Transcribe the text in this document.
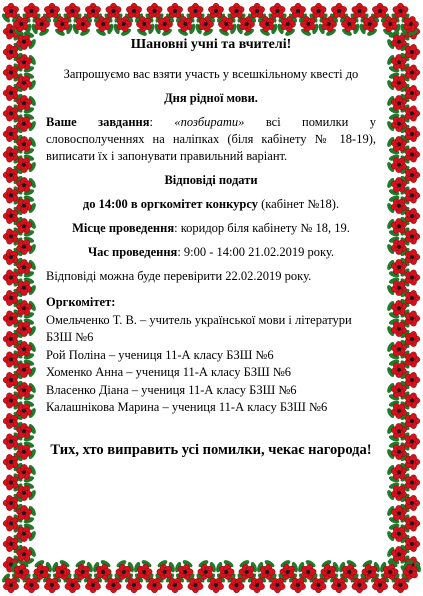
Шановні учні та вчителі!

Запрошуємо вас взяти участь у всешкільному квесті до

Дня рідної мови.

Ваше завдання: «позбирати» всі помилки у словосполученнях на наліпках (біля кабінету № 18-19), виписати їх і запонувати правильний варіант.

Відповіді подати

до 14:00 в оргкомітет конкурсу (кабінет №18).

Місце проведення: коридор біля кабінету № 18, 19.

Час проведення: 9:00 - 14:00 21.02.2019 року.

Відповіді можна буде перевірити 22.02.2019 року.

Оргкомітет:
Омельченко Т. В. – учитель української мови і літератури БЗШ №6
Рой Поліна – учениця 11-А класу БЗШ №6
Хоменко Анна – учениця 11-А класу БЗШ №6
Власенко Діана – учениця 11-А класу БЗШ №6
Калашнікова Марина – учениця 11-А класу БЗШ №6

Тих, хто виправить усі помилки, чекає нагорода!
